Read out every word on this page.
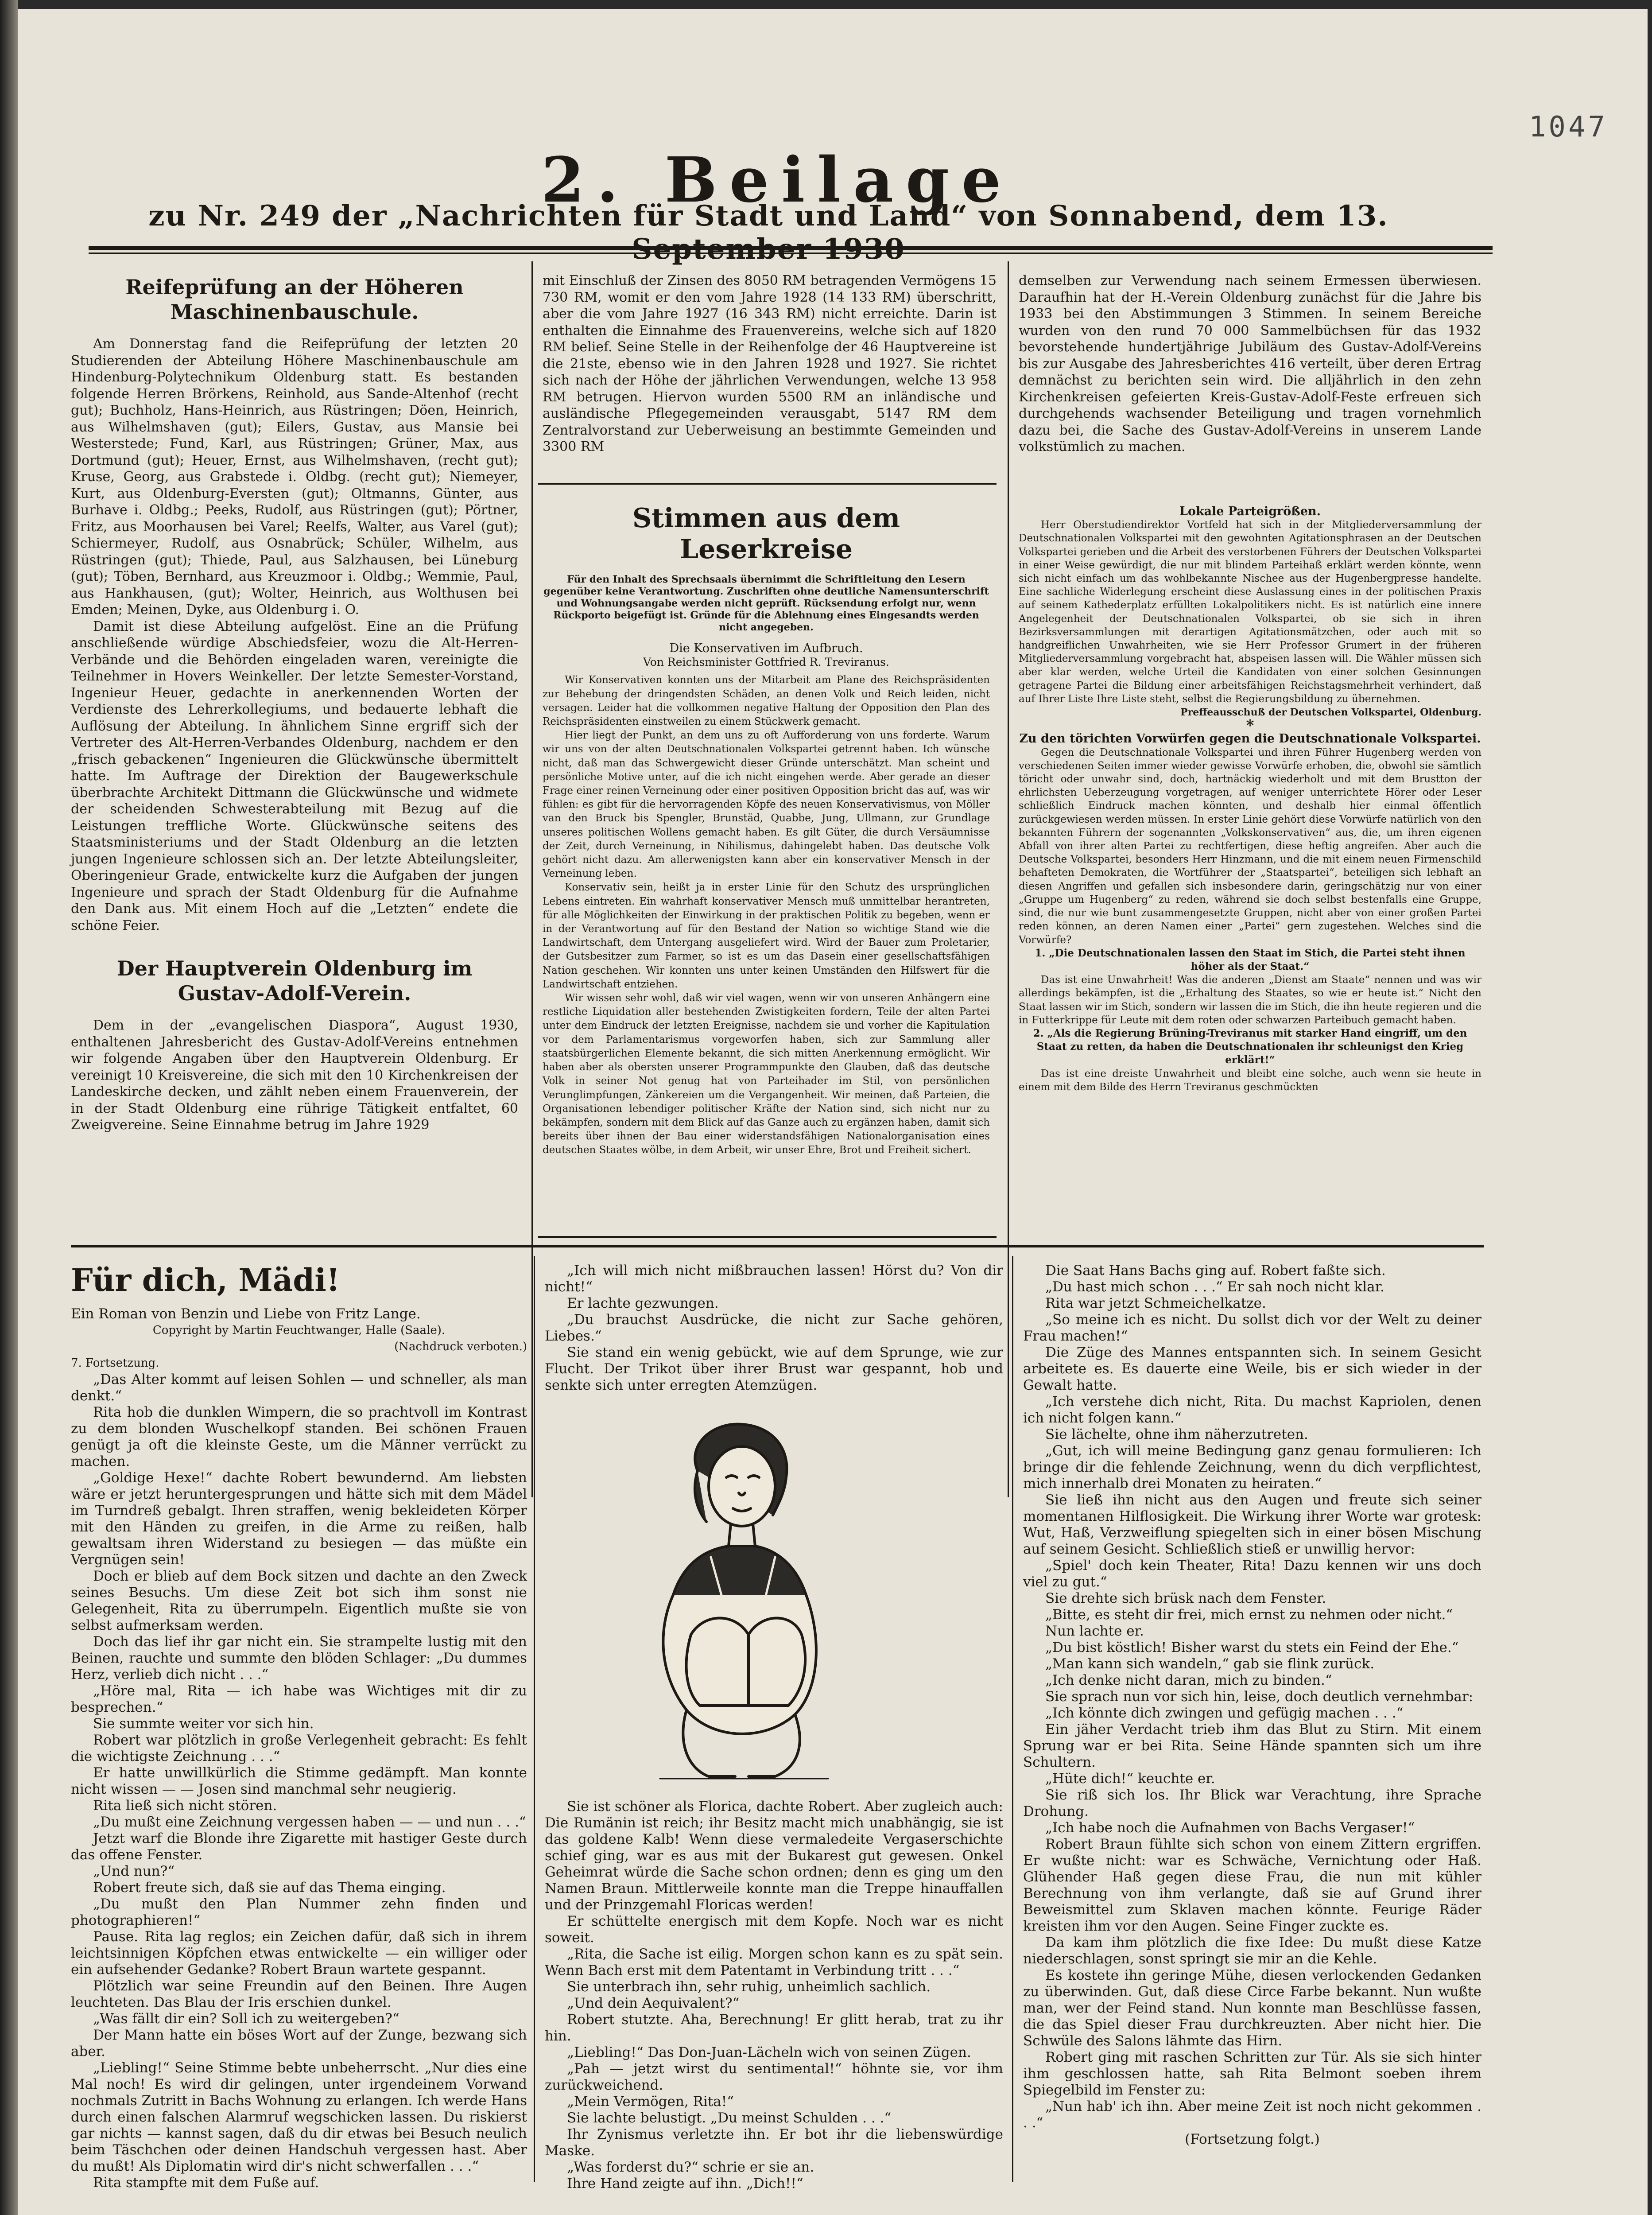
1047
2. Beilage
zu Nr. 249 der „Nachrichten für Stadt und Land“ von Sonnabend, dem 13.
Reifeprüfung an der Höheren Maschinenbauschule.

Am Donnerstag fand die Reifeprüfung der letzten 20 Studierenden der Abteilung Höhere Maschinenbauschule am Hindenburg-Polytechnikum Oldenburg statt. Es bestanden folgende Herren Brörkens, Reinhold, aus Sande-Altenhof (recht gut); Buchholz, Hans-Heinrich, aus Rüstringen; Döen, Heinrich, aus Wilhelmshaven (gut); Eilers, Gustav, aus Mansie bei Westerstede; Fund, Karl, aus Rüstringen; Grüner, Max, aus Dortmund (gut); Heuer, Ernst, aus Wilhelmshaven, (recht gut); Kruse, Georg, aus Grabstede i. Oldbg. (recht gut); Niemeyer, Kurt, aus Oldenburg-Eversten (gut); Oltmanns, Günter, aus Burhave i. Oldbg.; Peeks, Rudolf, aus Rüstringen (gut); Pörtner, Fritz, aus Moorhausen bei Varel; Reelfs, Walter, aus Varel (gut); Schiermeyer, Rudolf, aus Osnabrück; Schüler, Wilhelm, aus Rüstringen (gut); Thiede, Paul, aus Salzhausen, bei Lüneburg (gut); Töben, Bernhard, aus Kreuzmoor i. Oldbg.; Wemmie, Paul, aus Hankhausen, (gut); Wolter, Heinrich, aus Wolthusen bei Emden; Meinen, Dyke, aus Oldenburg i. O.

Damit ist diese Abteilung aufgelöst. Eine an die Prüfung anschließende würdige Abschiedsfeier, wozu die Alt-Herren-Verbände und die Behörden eingeladen waren, vereinigte die Teilnehmer in Hovers Weinkeller. Der letzte Semester-Vorstand, Ingenieur Heuer, gedachte in anerkennenden Worten der Verdienste des Lehrerkollegiums, und bedauerte lebhaft die Auflösung der Abteilung. In ähnlichem Sinne ergriff sich der Vertreter des Alt-Herren-Verbandes Oldenburg, nachdem er den „frisch gebackenen“ Ingenieuren die Glückwünsche übermittelt hatte. Im Auftrage der Direktion der Baugewerkschule überbrachte Architekt Dittmann die Glückwünsche und widmete der scheidenden Schwesterabteilung mit Bezug auf die Leistungen treffliche Worte. Glückwünsche seitens des Staatsministeriums und der Stadt Oldenburg an die letzten jungen Ingenieure schlossen sich an. Der letzte Abteilungsleiter, Oberingenieur Grade, entwickelte kurz die Aufgaben der jungen Ingenieure und sprach der Stadt Oldenburg für die Aufnahme den Dank aus. Mit einem Hoch auf die „Letzten“ endete die schöne Feier.

Der Hauptverein Oldenburg im Gustav-Adolf-Verein.

Dem in der „evangelischen Diaspora“, August 1930, enthaltenen Jahresbericht des Gustav-Adolf-Vereins entnehmen wir folgende Angaben über den Hauptverein Oldenburg. Er vereinigt 10 Kreisvereine, die sich mit den 10 Kirchenkreisen der Landeskirche decken, und zählt neben einem Frauenverein, der in der Stadt Oldenburg eine rührige Tätigkeit entfaltet, 60 Zweigvereine. Seine Einnahme betrug im Jahre 1929

mit Einschluß der Zinsen des 8050 RM betragenden Vermögens 15 730 RM, womit er den vom Jahre 1928 (14 133 RM) überschritt, aber die vom Jahre 1927 (16 343 RM) nicht erreichte. Darin ist enthalten die Einnahme des Frauenvereins, welche sich auf 1820 RM belief. Seine Stelle in der Reihenfolge der 46 Hauptvereine ist die 21ste, ebenso wie in den Jahren 1928 und 1927. Sie richtet sich nach der Höhe der jährlichen Verwendungen, welche 13 958 RM betrugen. Hiervon wurden 5500 RM an inländische und ausländische Pflegegemeinden verausgabt, 5147 RM dem Zentralvorstand zur Ueberweisung an bestimmte Gemeinden und 3300 RM

Stimmen aus dem Leserkreise
Für den Inhalt des Sprechsaals übernimmt die Schriftleitung den Lesern gegenüber keine Verantwortung. Zuschriften ohne deutliche Namensunterschrift und Wohnungsangabe werden nicht geprüft. Rücksendung erfolgt nur, wenn Rückporto beigefügt ist. Gründe für die Ablehnung eines Eingesandts werden nicht angegeben.

Die Konservativen im Aufbruch.

Von Reichsminister Gottfried R. Treviranus.

Wir Konservativen konnten uns der Mitarbeit am Plane des Reichspräsidenten zur Behebung der dringendsten Schäden, an denen Volk und Reich leiden, nicht versagen. Leider hat die vollkommen negative Haltung der Opposition den Plan des Reichspräsidenten einstweilen zu einem Stückwerk gemacht.

Hier liegt der Punkt, an dem uns zu oft Aufforderung von uns forderte. Warum wir uns von der alten Deutschnationalen Volkspartei getrennt haben. Ich wünsche nicht, daß man das Schwergewicht dieser Gründe unterschätzt. Man scheint und persönliche Motive unter, auf die ich nicht eingehen werde. Aber gerade an dieser Frage einer reinen Verneinung oder einer positiven Opposition bricht das auf, was wir fühlen: es gibt für die hervorragenden Köpfe des neuen Konservativismus, von Möller van den Bruck bis Spengler, Brunstäd, Quabbe, Jung, Ullmann, zur Grundlage unseres politischen Wollens gemacht haben. Es gilt Güter, die durch Versäumnisse der Zeit, durch Verneinung, in Nihilismus, dahingelebt haben. Das deutsche Volk gehört nicht dazu. Am allerwenigsten kann aber ein konservativer Mensch in der Verneinung leben.

Konservativ sein, heißt ja in erster Linie für den Schutz des ursprünglichen Lebens eintreten. Ein wahrhaft konservativer Mensch muß unmittelbar herantreten, für alle Möglichkeiten der Einwirkung in der praktischen Politik zu begeben, wenn er in der Verantwortung auf für den Bestand der Nation so wichtige Stand wie die Landwirtschaft, dem Untergang ausgeliefert wird. Wird der Bauer zum Proletarier, der Gutsbesitzer zum Farmer, so ist es um das Dasein einer gesellschaftsfähigen Nation geschehen. Wir konnten uns unter keinen Umständen den Hilfswert für die Landwirtschaft entziehen.

Wir wissen sehr wohl, daß wir viel wagen, wenn wir von unseren Anhängern eine restliche Liquidation aller bestehenden Zwistigkeiten fordern, Teile der alten Partei unter dem Eindruck der letzten Ereignisse, nachdem sie und vorher die Kapitulation vor dem Parlamentarismus vorgeworfen haben, sich zur Sammlung aller staatsbürgerlichen Elemente bekannt, die sich mitten Anerkennung ermöglicht. Wir haben aber als obersten unserer Programmpunkte den Glauben, daß das deutsche Volk in seiner Not genug hat von Parteihader im Stil, von persönlichen Verunglimpfungen, Zänkereien um die Vergangenheit. Wir meinen, daß Parteien, die Organisationen lebendiger politischer Kräfte der Nation sind, sich nicht nur zu bekämpfen, sondern mit dem Blick auf das Ganze auch zu ergänzen haben, damit sich bereits über ihnen der Bau einer widerstandsfähigen Nationalorganisation eines deutschen Staates wölbe, in dem Arbeit, wir unser Ehre, Brot und Freiheit sichert.

demselben zur Verwendung nach seinem Ermessen überwiesen. Daraufhin hat der H.-Verein Oldenburg zunächst für die Jahre bis 1933 bei den Abstimmungen 3 Stimmen. In seinem Bereiche wurden von den rund 70 000 Sammelbüchsen für das 1932 bevorstehende hundertjährige Jubiläum des Gustav-Adolf-Vereins bis zur Ausgabe des Jahresberichtes 416 verteilt, über deren Ertrag demnächst zu berichten sein wird. Die alljährlich in den zehn Kirchenkreisen gefeierten Kreis-Gustav-Adolf-Feste erfreuen sich durchgehends wachsender Beteiligung und tragen vornehmlich dazu bei, die Sache des Gustav-Adolf-Vereins in unserem Lande volkstümlich zu machen.

Lokale Parteigrößen.

Herr Oberstudiendirektor Vortfeld hat sich in der Mitgliederversammlung der Deutschnationalen Volkspartei mit den gewohnten Agitationsphrasen an der Deutschen Volkspartei gerieben und die Arbeit des verstorbenen Führers der Deutschen Volkspartei in einer Weise gewürdigt, die nur mit blindem Parteihaß erklärt werden könnte, wenn sich nicht einfach um das wohlbekannte Nischee aus der Hugenbergpresse handelte. Eine sachliche Widerlegung erscheint diese Auslassung eines in der politischen Praxis auf seinem Kathederplatz erfüllten Lokalpolitikers nicht. Es ist natürlich eine innere Angelegenheit der Deutschnationalen Volkspartei, ob sie sich in ihren Bezirksversammlungen mit derartigen Agitationsmätzchen, oder auch mit so handgreiflichen Unwahrheiten, wie sie Herr Professor Grumert in der früheren Mitgliederversammlung vorgebracht hat, abspeisen lassen will. Die Wähler müssen sich aber klar werden, welche Urteil die Kandidaten von einer solchen Gesinnungen getragene Partei die Bildung einer arbeitsfähigen Reichstagsmehrheit verhindert, daß auf Ihrer Liste Ihre Liste steht, selbst die Regierungsbildung zu übernehmen.

Preffeausschuß der Deutschen Volkspartei, Oldenburg.

*

Zu den törichten Vorwürfen gegen die Deutschnationale Volkspartei.

Gegen die Deutschnationale Volkspartei und ihren Führer Hugenberg werden von verschiedenen Seiten immer wieder gewisse Vorwürfe erhoben, die, obwohl sie sämtlich töricht oder unwahr sind, doch, hartnäckig wiederholt und mit dem Brustton der ehrlichsten Ueberzeugung vorgetragen, auf weniger unterrichtete Hörer oder Leser schließlich Eindruck machen könnten, und deshalb hier einmal öffentlich zurückgewiesen werden müssen. In erster Linie gehört diese Vorwürfe natürlich von den bekannten Führern der sogenannten „Volkskonservativen“ aus, die, um ihren eigenen Abfall von ihrer alten Partei zu rechtfertigen, diese heftig angreifen. Aber auch die Deutsche Volkspartei, besonders Herr Hinzmann, und die mit einem neuen Firmenschild behafteten Demokraten, die Wortführer der „Staatspartei“, beteiligen sich lebhaft an diesen Angriffen und gefallen sich insbesondere darin, geringschätzig nur von einer „Gruppe um Hugenberg“ zu reden, während sie doch selbst bestenfalls eine Gruppe, sind, die nur wie bunt zusammengesetzte Gruppen, nicht aber von einer großen Partei reden können, an deren Namen einer „Partei“ gern zugestehen. Welches sind die Vorwürfe?

1. „Die Deutschnationalen lassen den Staat im Stich, die Partei steht ihnen höher als der Staat.“

Das ist eine Unwahrheit! Was die anderen „Dienst am Staate“ nennen und was wir allerdings bekämpfen, ist die „Erhaltung des Staates, so wie er heute ist.“ Nicht den Staat lassen wir im Stich, sondern wir lassen die im Stich, die ihn heute regieren und die in Futterkrippe für Leute mit dem roten oder schwarzen Parteibuch gemacht haben.

2. „Als die Regierung Brüning-Treviranus mit starker Hand eingriff, um den Staat zu retten, da haben die Deutschnationalen ihr schleunigst den Krieg erklärt!“

Das ist eine dreiste Unwahrheit und bleibt eine solche, auch wenn sie heute in einem mit dem Bilde des Herrn Treviranus geschmückten

Für dich, Mädi!

Ein Roman von Benzin und Liebe von Fritz Lange.

Copyright by Martin Feuchtwanger, Halle (Saale).

(Nachdruck verboten.)

7. Fortsetzung.

„Das Alter kommt auf leisen Sohlen — und schneller, als man denkt.“

Rita hob die dunklen Wimpern, die so prachtvoll im Kontrast zu dem blonden Wuschelkopf standen. Bei schönen Frauen genügt ja oft die kleinste Geste, um die Männer verrückt zu machen.

„Goldige Hexe!“ dachte Robert bewundernd. Am liebsten wäre er jetzt heruntergesprungen und hätte sich mit dem Mädel im Turndreß gebalgt. Ihren straffen, wenig bekleideten Körper mit den Händen zu greifen, in die Arme zu reißen, halb gewaltsam ihren Widerstand zu besiegen — das müßte ein Vergnügen sein!

Doch er blieb auf dem Bock sitzen und dachte an den Zweck seines Besuchs. Um diese Zeit bot sich ihm sonst nie Gelegenheit, Rita zu überrumpeln. Eigentlich mußte sie von selbst aufmerksam werden.

Doch das lief ihr gar nicht ein. Sie strampelte lustig mit den Beinen, rauchte und summte den blöden Schlager: „Du dummes Herz, verlieb dich nicht . . .“

„Höre mal, Rita — ich habe was Wichtiges mit dir zu besprechen.“

Sie summte weiter vor sich hin.

Robert war plötzlich in große Verlegenheit gebracht: Es fehlt die wichtigste Zeichnung . . .“

Er hatte unwillkürlich die Stimme gedämpft. Man konnte nicht wissen — — Josen sind manchmal sehr neugierig.

Rita ließ sich nicht stören.

„Du mußt eine Zeichnung vergessen haben — — und nun . . .“

Jetzt warf die Blonde ihre Zigarette mit hastiger Geste durch das offene Fenster.

„Und nun?“

Robert freute sich, daß sie auf das Thema einging.

„Du mußt den Plan Nummer zehn finden und photographieren!“

Pause. Rita lag reglos; ein Zeichen dafür, daß sich in ihrem leichtsinnigen Köpfchen etwas entwickelte — ein williger oder ein aufsehender Gedanke? Robert Braun wartete gespannt.

Plötzlich war seine Freundin auf den Beinen. Ihre Augen leuchteten. Das Blau der Iris erschien dunkel.

„Was fällt dir ein? Soll ich zu weitergeben?“

Der Mann hatte ein böses Wort auf der Zunge, bezwang sich aber.

„Liebling!“ Seine Stimme bebte unbeherrscht. „Nur dies eine Mal noch! Es wird dir gelingen, unter irgendeinem Vorwand nochmals Zutritt in Bachs Wohnung zu erlangen. Ich werde Hans durch einen falschen Alarmruf wegschicken lassen. Du riskierst gar nichts — kannst sagen, daß du dir etwas bei Besuch neulich beim Täschchen oder deinen Handschuh vergessen hast. Aber du mußt! Als Diplomatin wird dir's nicht schwerfallen . . .“

Rita stampfte mit dem Fuße auf.

„Ich will mich nicht mißbrauchen lassen! Hörst du? Von dir nicht!“

Er lachte gezwungen.

„Du brauchst Ausdrücke, die nicht zur Sache gehören, Liebes.“

Sie stand ein wenig gebückt, wie auf dem Sprunge, wie zur Flucht. Der Trikot über ihrer Brust war gespannt, hob und senkte sich unter erregten Atemzügen.

Sie ist schöner als Florica, dachte Robert. Aber zugleich auch: Die Rumänin ist reich; ihr Besitz macht mich unabhängig, sie ist das goldene Kalb! Wenn diese vermaledeite Vergaserschichte schief ging, war es aus mit der Bukarest gut gewesen. Onkel Geheimrat würde die Sache schon ordnen; denn es ging um den Namen Braun. Mittlerweile konnte man die Treppe hinauffallen und der Prinzgemahl Floricas werden!

Er schüttelte energisch mit dem Kopfe. Noch war es nicht soweit.

„Rita, die Sache ist eilig. Morgen schon kann es zu spät sein. Wenn Bach erst mit dem Patentamt in Verbindung tritt . . .“

Sie unterbrach ihn, sehr ruhig, unheimlich sachlich.

„Und dein Aequivalent?“

Robert stutzte. Aha, Berechnung! Er glitt herab, trat zu ihr hin.

„Liebling!“ Das Don-Juan-Lächeln wich von seinen Zügen.

„Pah — jetzt wirst du sentimental!“ höhnte sie, vor ihm zurückweichend.

„Mein Vermögen, Rita!“

Sie lachte belustigt. „Du meinst Schulden . . .“

Ihr Zynismus verletzte ihn. Er bot ihr die liebenswürdige Maske.

„Was forderst du?“ schrie er sie an.

Ihre Hand zeigte auf ihn. „Dich!!“

Die Saat Hans Bachs ging auf. Robert faßte sich.

„Du hast mich schon . . .“ Er sah noch nicht klar.

Rita war jetzt Schmeichelkatze.

„So meine ich es nicht. Du sollst dich vor der Welt zu deiner Frau machen!“

Die Züge des Mannes entspannten sich. In seinem Gesicht arbeitete es. Es dauerte eine Weile, bis er sich wieder in der Gewalt hatte.

„Ich verstehe dich nicht, Rita. Du machst Kapriolen, denen ich nicht folgen kann.“

Sie lächelte, ohne ihm näherzutreten.

„Gut, ich will meine Bedingung ganz genau formulieren: Ich bringe dir die fehlende Zeichnung, wenn du dich verpflichtest, mich innerhalb drei Monaten zu heiraten.“

Sie ließ ihn nicht aus den Augen und freute sich seiner momentanen Hilflosigkeit. Die Wirkung ihrer Worte war grotesk: Wut, Haß, Verzweiflung spiegelten sich in einer bösen Mischung auf seinem Gesicht. Schließlich stieß er unwillig hervor:

„Spiel' doch kein Theater, Rita! Dazu kennen wir uns doch viel zu gut.“

Sie drehte sich brüsk nach dem Fenster.

„Bitte, es steht dir frei, mich ernst zu nehmen oder nicht.“

Nun lachte er.

„Du bist köstlich! Bisher warst du stets ein Feind der Ehe.“

„Man kann sich wandeln,“ gab sie flink zurück.

„Ich denke nicht daran, mich zu binden.“

Sie sprach nun vor sich hin, leise, doch deutlich vernehmbar:

„Ich könnte dich zwingen und gefügig machen . . .“

Ein jäher Verdacht trieb ihm das Blut zu Stirn. Mit einem Sprung war er bei Rita. Seine Hände spannten sich um ihre Schultern.

„Hüte dich!“ keuchte er.

Sie riß sich los. Ihr Blick war Verachtung, ihre Sprache Drohung.

„Ich habe noch die Aufnahmen von Bachs Vergaser!“

Robert Braun fühlte sich schon von einem Zittern ergriffen. Er wußte nicht: war es Schwäche, Vernichtung oder Haß. Glühender Haß gegen diese Frau, die nun mit kühler Berechnung von ihm verlangte, daß sie auf Grund ihrer Beweismittel zum Sklaven machen könnte. Feurige Räder kreisten ihm vor den Augen. Seine Finger zuckte es.

Da kam ihm plötzlich die fixe Idee: Du mußt diese Katze niederschlagen, sonst springt sie mir an die Kehle.

Es kostete ihn geringe Mühe, diesen verlockenden Gedanken zu überwinden. Gut, daß diese Circe Farbe bekannt. Nun wußte man, wer der Feind stand. Nun konnte man Beschlüsse fassen, die das Spiel dieser Frau durchkreuzten. Aber nicht hier. Die Schwüle des Salons lähmte das Hirn.

Robert ging mit raschen Schritten zur Tür. Als sie sich hinter ihm geschlossen hatte, sah Rita Belmont soeben ihrem Spiegelbild im Fenster zu:

„Nun hab' ich ihn. Aber meine Zeit ist noch nicht gekommen . . .“

(Fortsetzung folgt.)
